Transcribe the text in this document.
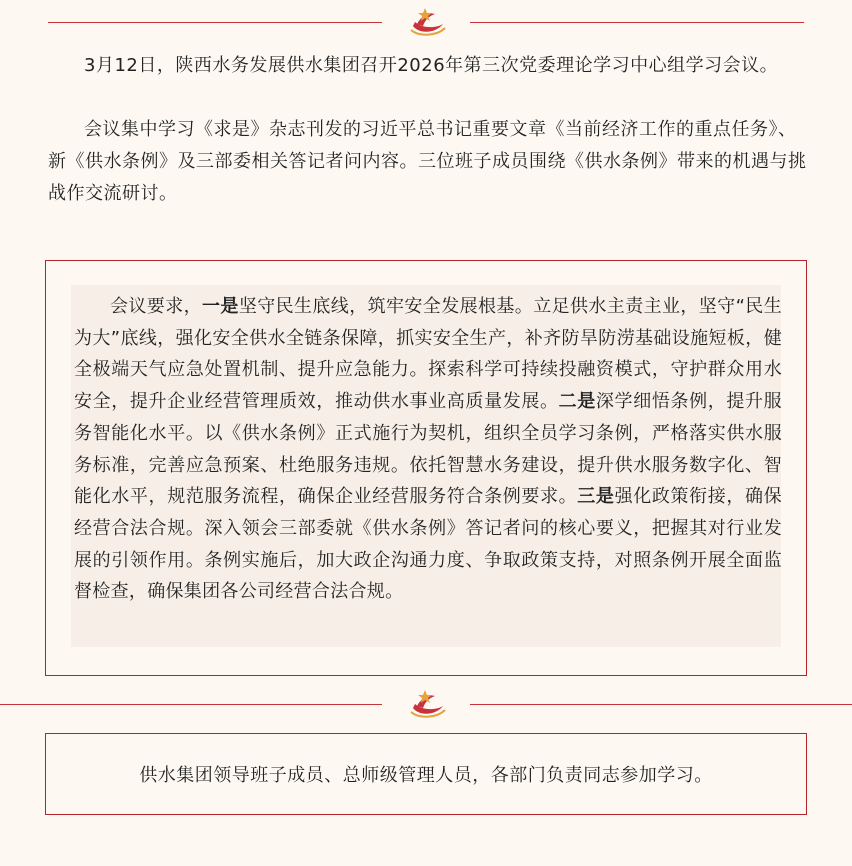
3月12日，陕西水务发展供水集团召开2026年第三次党委理论学习中心组学习会议。

会议集中学习《求是》杂志刊发的习近平总书记重要文章《当前经济工作的重点任务》、新《供水条例》及三部委相关答记者问内容。三位班子成员围绕《供水条例》带来的机遇与挑战作交流研讨。

会议要求，一是坚守民生底线，筑牢安全发展根基。立足供水主责主业，坚守“民生为大”底线，强化安全供水全链条保障，抓实安全生产，补齐防旱防涝基础设施短板，健全极端天气应急处置机制、提升应急能力。探索科学可持续投融资模式，守护群众用水安全，提升企业经营管理质效，推动供水事业高质量发展。二是深学细悟条例，提升服务智能化水平。以《供水条例》正式施行为契机，组织全员学习条例，严格落实供水服务标准，完善应急预案、杜绝服务违规。依托智慧水务建设，提升供水服务数字化、智能化水平，规范服务流程，确保企业经营服务符合条例要求。三是强化政策衔接，确保经营合法合规。深入领会三部委就《供水条例》答记者问的核心要义，把握其对行业发展的引领作用。条例实施后，加大政企沟通力度、争取政策支持，对照条例开展全面监督检查，确保集团各公司经营合法合规。

供水集团领导班子成员、总师级管理人员，各部门负责同志参加学习。
